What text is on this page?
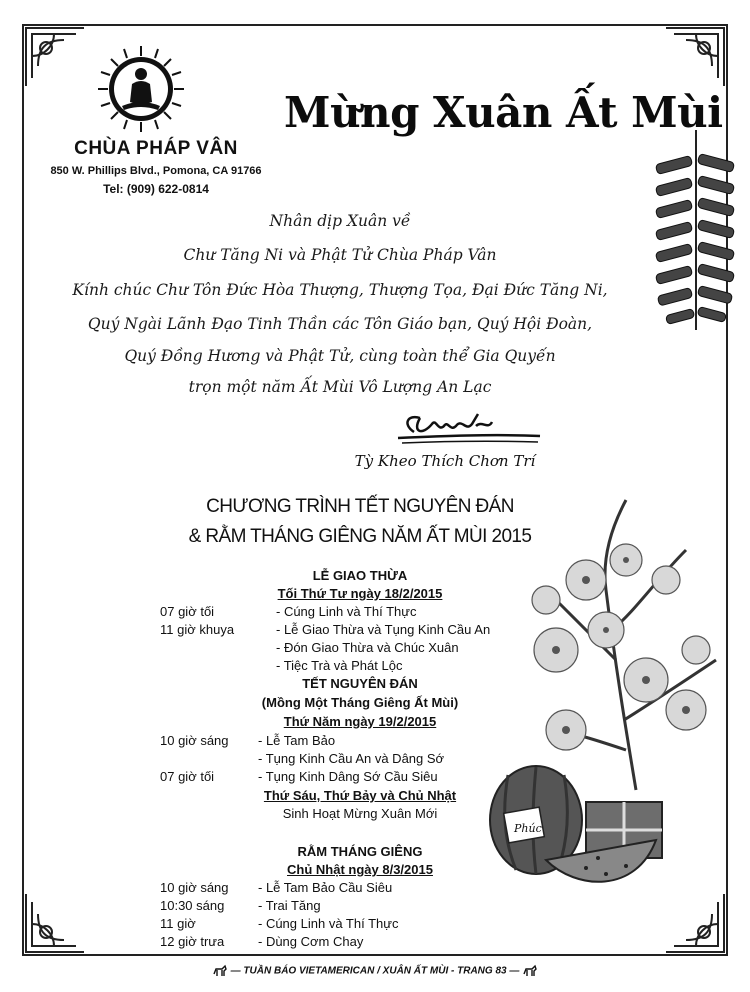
CHÙA PHÁP VÂN
850 W. Phillips Blvd., Pomona, CA 91766
Tel: (909) 622-0814
Mừng Xuân Ất Mùi
Nhân dịp Xuân về
Chư Tăng Ni và Phật Tử Chùa Pháp Vân
Kính chúc Chư Tôn Đức Hòa Thượng, Thượng Tọa, Đại Đức Tăng Ni,
Quý Ngài Lãnh Đạo Tinh Thần các Tôn Giáo bạn, Quý Hội Đoàn,
Quý Đồng Hương và Phật Tử, cùng toàn thể Gia Quyến
trọn một năm Ất Mùi Vô Lượng An Lạc
Tỳ Kheo Thích Chơn Trí
CHƯƠNG TRÌNH TẾT NGUYÊN ĐÁN
& RẰM THÁNG GIÊNG NĂM ẤT MÙI 2015
LỄ GIAO THỪA
Tối Thứ Tư ngày 18/2/2015
07 giờ tối	- Cúng Linh và Thí Thực
11 giờ khuya	- Lễ Giao Thừa và Tụng Kinh Cầu An
- Đón Giao Thừa và Chúc Xuân
- Tiệc Trà và Phát Lộc
TẾT NGUYÊN ĐÁN
(Mồng Một Tháng Giêng Ất Mùi)
Thứ Năm ngày 19/2/2015
10 giờ sáng - Lễ Tam Bảo
- Tụng Kinh Cầu An và Dâng Sớ
07 giờ tối	- Tụng Kinh Dâng Sớ Cầu Siêu
Thứ Sáu, Thứ Bảy và Chủ Nhật
Sinh Hoạt Mừng Xuân Mới
RẰM THÁNG GIÊNG
Chủ Nhật ngày 8/3/2015
10 giờ sáng - Lễ Tam Bảo Cầu Siêu
10:30 sáng	- Trai Tăng
11 giờ	- Cúng Linh và Thí Thực
12 giờ trưa	- Dùng Cơm Chay
Phúc
— TUẦN BÁO VIETAMERICAN / XUÂN ẤT MÙI - TRANG 83 —
